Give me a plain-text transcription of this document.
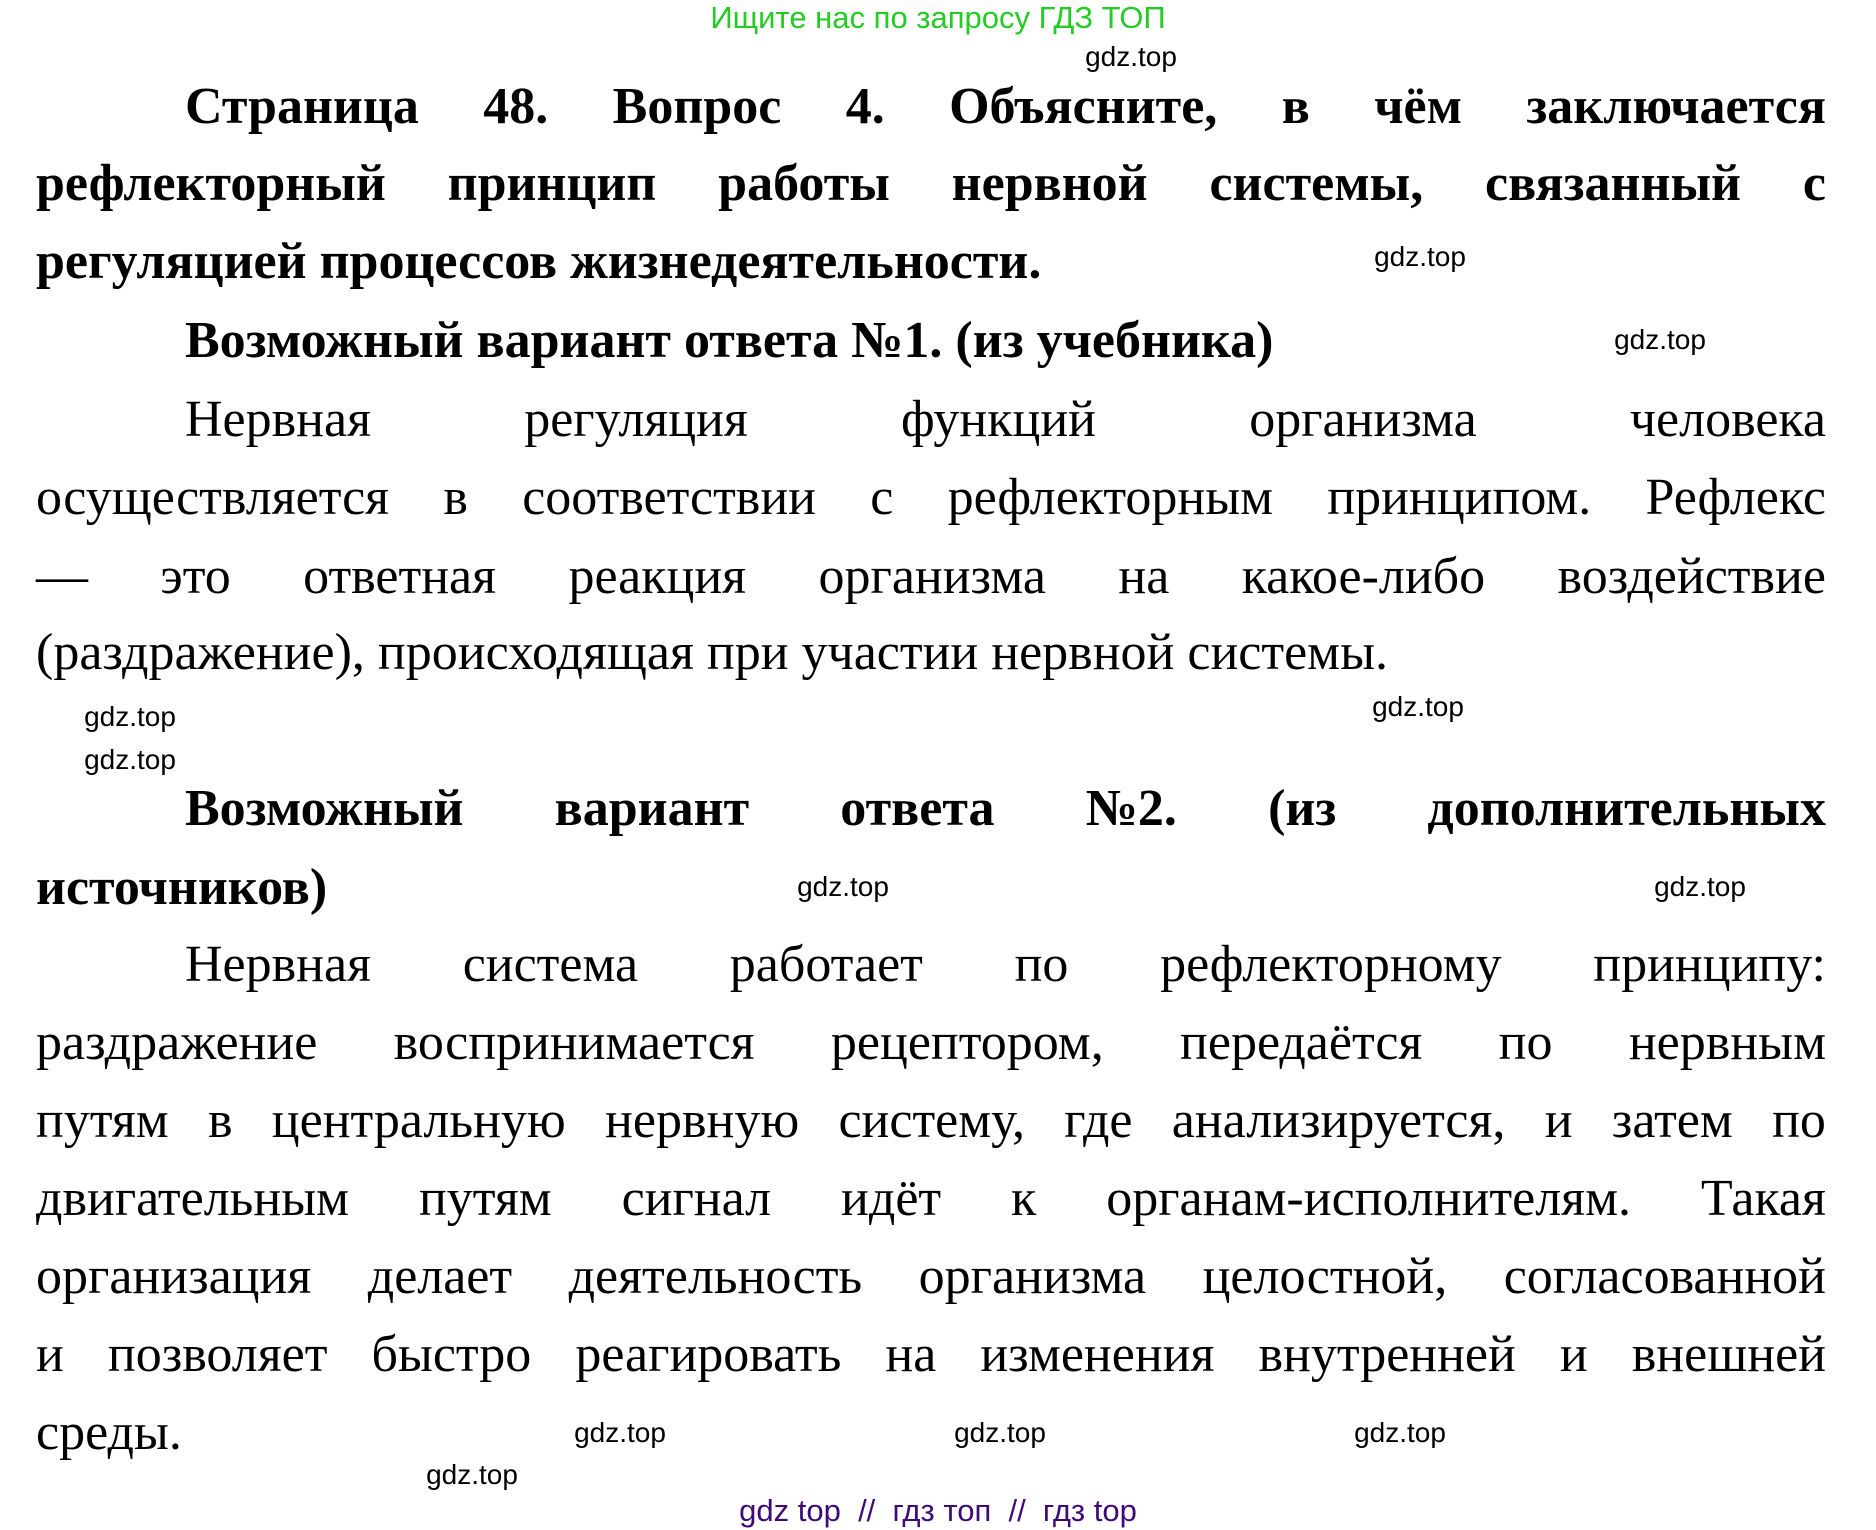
Ищите нас по запросу ГДЗ ТОП
Страница 48. Вопрос 4. Объясните, в чём заключается
рефлекторный принцип работы нервной системы, связанный с
регуляцией процессов жизнедеятельности.
Возможный вариант ответа №1. (из учебника)
Нервная	регуляция	функций	организма	человека
осуществляется в соответствии с рефлекторным принципом. Рефлекс
— это ответная реакция организма на какое-либо воздействие
(раздражение), происходящая при участии нервной системы.
Возможный вариант ответа №2. (из дополнительных
источников)
Нервная система работает по рефлекторному принципу:
раздражение воспринимается рецептором, передаётся по нервным
путям в центральную нервную систему, где анализируется, и затем по
двигательным путям сигнал идёт к органам-исполнителям. Такая
организация делает деятельность организма целостной, согласованной
и позволяет быстро реагировать на изменения внутренней и внешней
среды.
gdz.top
gdz.top
gdz.top
gdz.top	gdz.top
gdz.top
gdz.top	gdz.top
gdz.top	gdz.top	gdz.top
gdz.top
gdz top  //  гдз топ  //  гдз top
